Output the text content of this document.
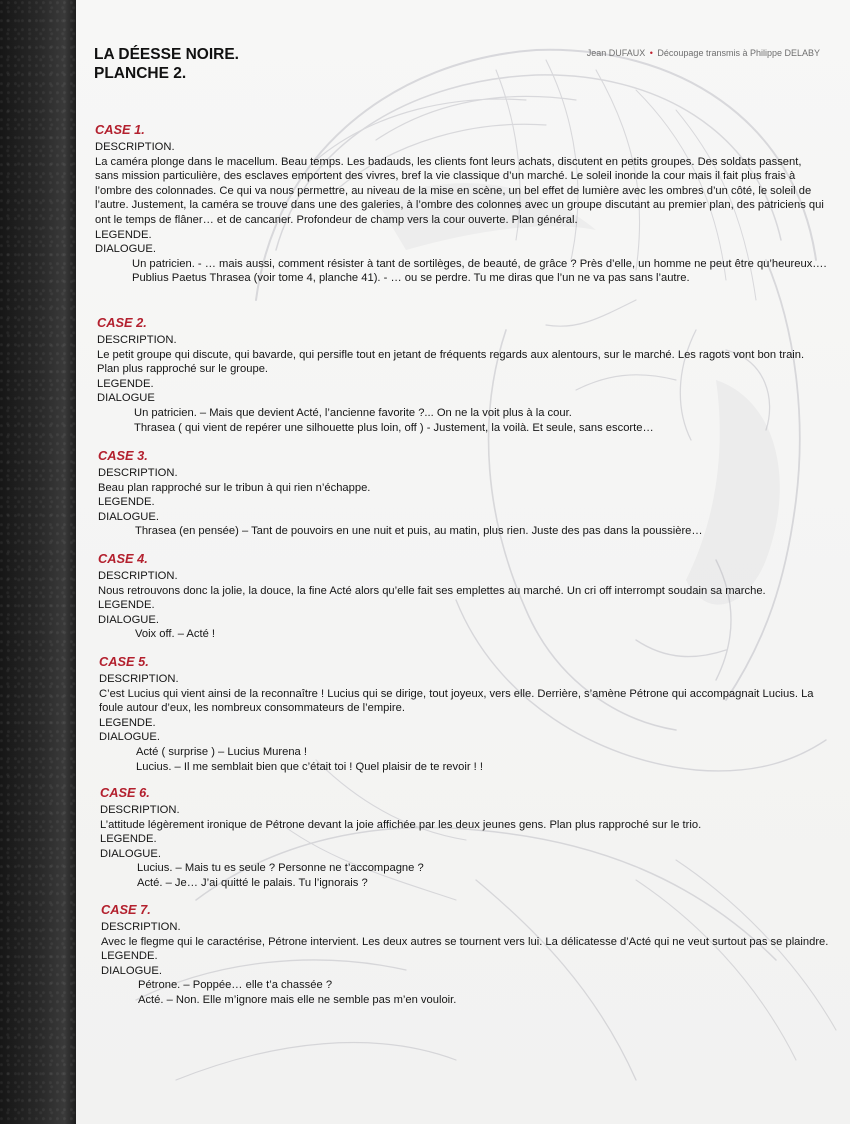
LA DÉESSE NOIRE.
PLANCHE 2.
Jean DUFAUX • Découpage transmis à Philippe DELABY
CASE 1.
DESCRIPTION.
La caméra plonge dans le macellum. Beau temps. Les badauds, les clients font leurs achats, discutent en petits groupes. Des soldats passent, sans mission particulière, des esclaves emportent des vivres, bref la vie classique d’un marché. Le soleil inonde la cour mais il fait plus frais à l’ombre des colonnades. Ce qui va nous permettre, au niveau de la mise en scène, un bel effet de lumière avec les ombres d’un côté, le soleil de l’autre. Justement, la caméra se trouve dans une des galeries, à l’ombre des colonnes avec un groupe discutant au premier plan, des patriciens qui ont le temps de flâner… et de cancaner. Profondeur de champ vers la cour ouverte. Plan général.
LEGENDE.
DIALOGUE.
Un patricien. - … mais aussi, comment résister à tant de sortilèges, de beauté, de grâce ? Près d’elle, un homme ne peut être qu’heureux….
Publius Paetus Thrasea (voir tome 4, planche 41). - … ou se perdre. Tu me diras que l’un ne va pas sans l’autre.
CASE 2.
DESCRIPTION.
Le petit groupe qui discute, qui bavarde, qui persifle tout en jetant de fréquents regards aux alentours, sur le marché. Les ragots vont bon train. Plan plus rapproché sur le groupe.
LEGENDE.
DIALOGUE
Un patricien. – Mais que devient Acté, l’ancienne favorite ?... On ne la voit plus à la cour.
Thrasea ( qui vient de repérer une silhouette plus loin, off ) - Justement, la voilà. Et seule, sans escorte…
CASE 3.
DESCRIPTION.
Beau plan rapproché sur le tribun à qui rien n’échappe.
LEGENDE.
DIALOGUE.
Thrasea (en pensée) – Tant de pouvoirs en une nuit et puis, au matin, plus rien. Juste des pas dans la poussière…
CASE 4.
DESCRIPTION.
Nous retrouvons donc la jolie, la douce, la fine Acté alors qu’elle fait ses emplettes au marché. Un cri off interrompt soudain sa marche.
LEGENDE.
DIALOGUE.
Voix off. – Acté !
CASE 5.
DESCRIPTION.
C’est Lucius qui vient ainsi de la reconnaître ! Lucius qui se dirige, tout joyeux, vers elle. Derrière, s’amène Pétrone qui accompagnait Lucius. La foule autour d’eux, les nombreux consommateurs de l’empire.
LEGENDE.
DIALOGUE.
Acté ( surprise ) – Lucius Murena !
Lucius. – Il me semblait bien que c’était toi ! Quel plaisir de te revoir ! !
CASE 6.
DESCRIPTION.
L’attitude légèrement ironique de Pétrone devant la joie affichée par les deux jeunes gens. Plan plus rapproché sur le trio.
LEGENDE.
DIALOGUE.
Lucius. – Mais tu es seule ? Personne ne t’accompagne ?
Acté. – Je… J’ai quitté le palais. Tu l’ignorais ?
CASE 7.
DESCRIPTION.
Avec le flegme qui le caractérise, Pétrone intervient. Les deux autres se tournent vers lui. La délicatesse d’Acté qui ne veut surtout pas se plaindre.
LEGENDE.
DIALOGUE.
Pétrone. – Poppée… elle t’a chassée ?
Acté. – Non. Elle m’ignore mais elle ne semble pas m’en vouloir.
